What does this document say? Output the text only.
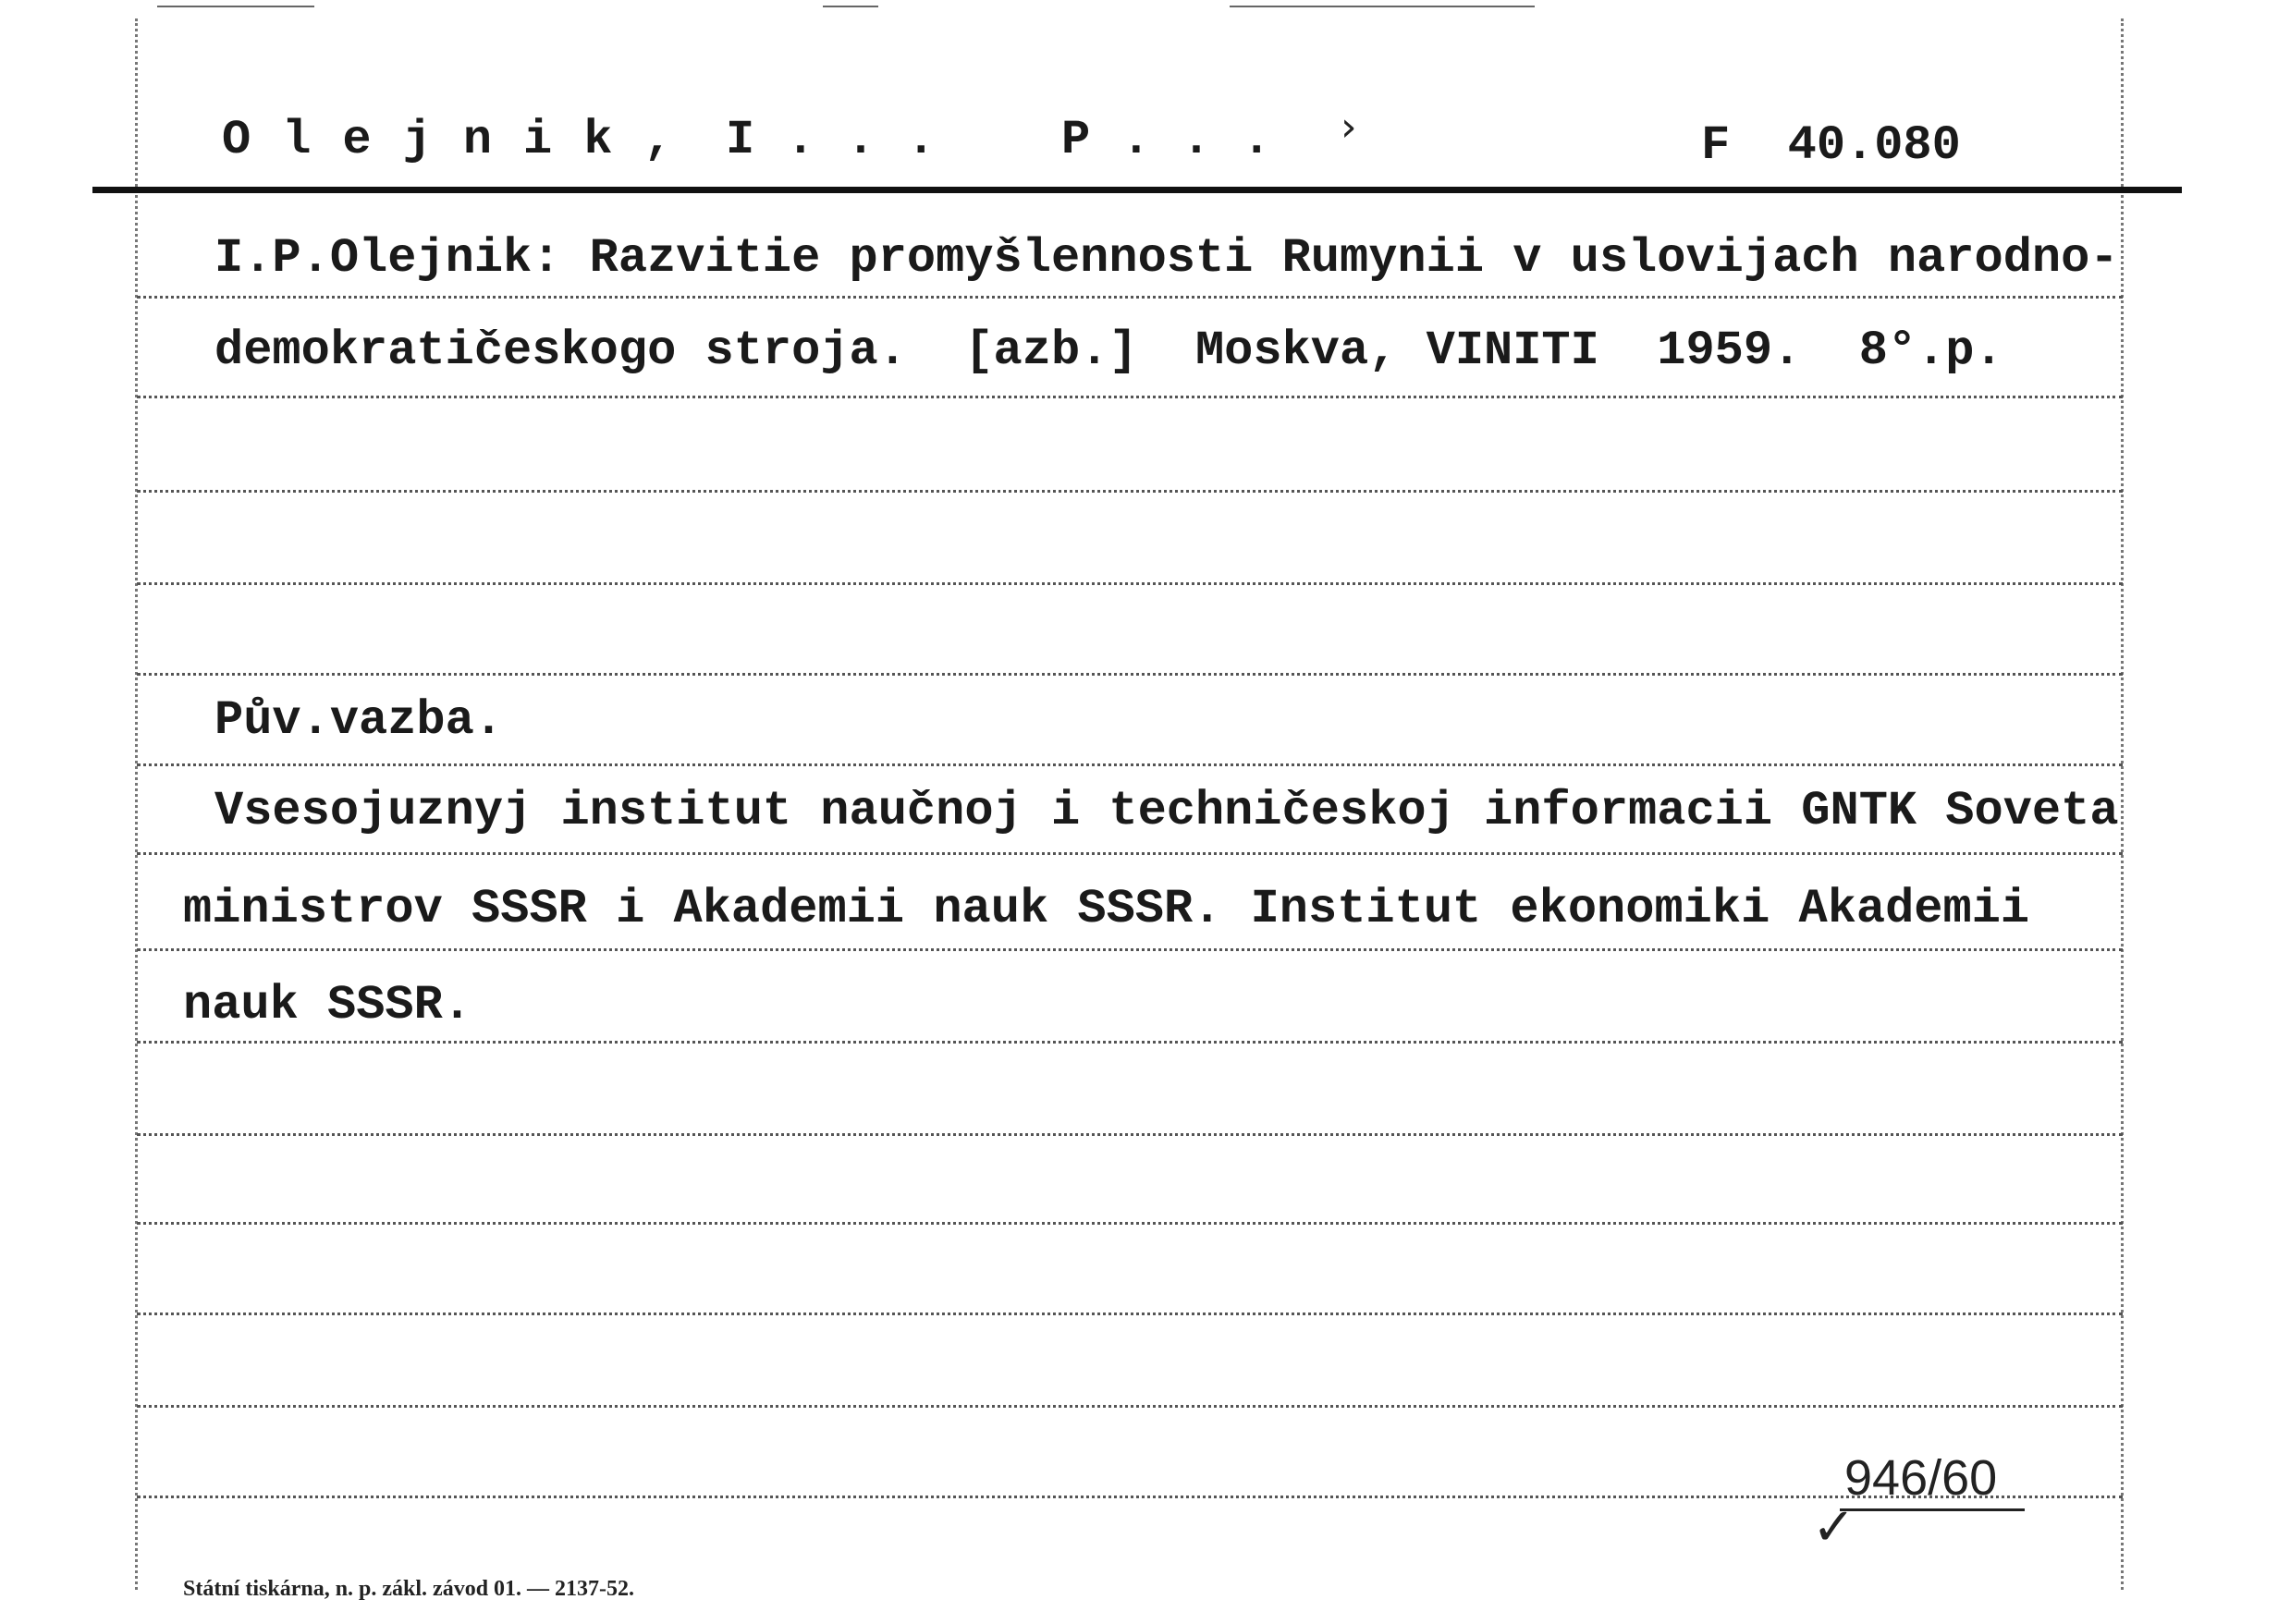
Olejnik, I... P... ›	F  40.080
I.P.Olejnik: Razvitie promyšlennosti Rumynii v uslovijach narodno-
demokratičeskogo stroja.  [azb.]  Moskva, VINITI  1959.  8°.p.
Pův.vazba.
Vsesojuznyj institut naučnoj i techničeskoj informacii GNTK Soveta
ministrov SSSR i Akademii nauk SSSR. Institut ekonomiki Akademii
nauk SSSR.
946/60
✓
Státní tiskárna, n. p. zákl. závod 01. — 2137-52.
